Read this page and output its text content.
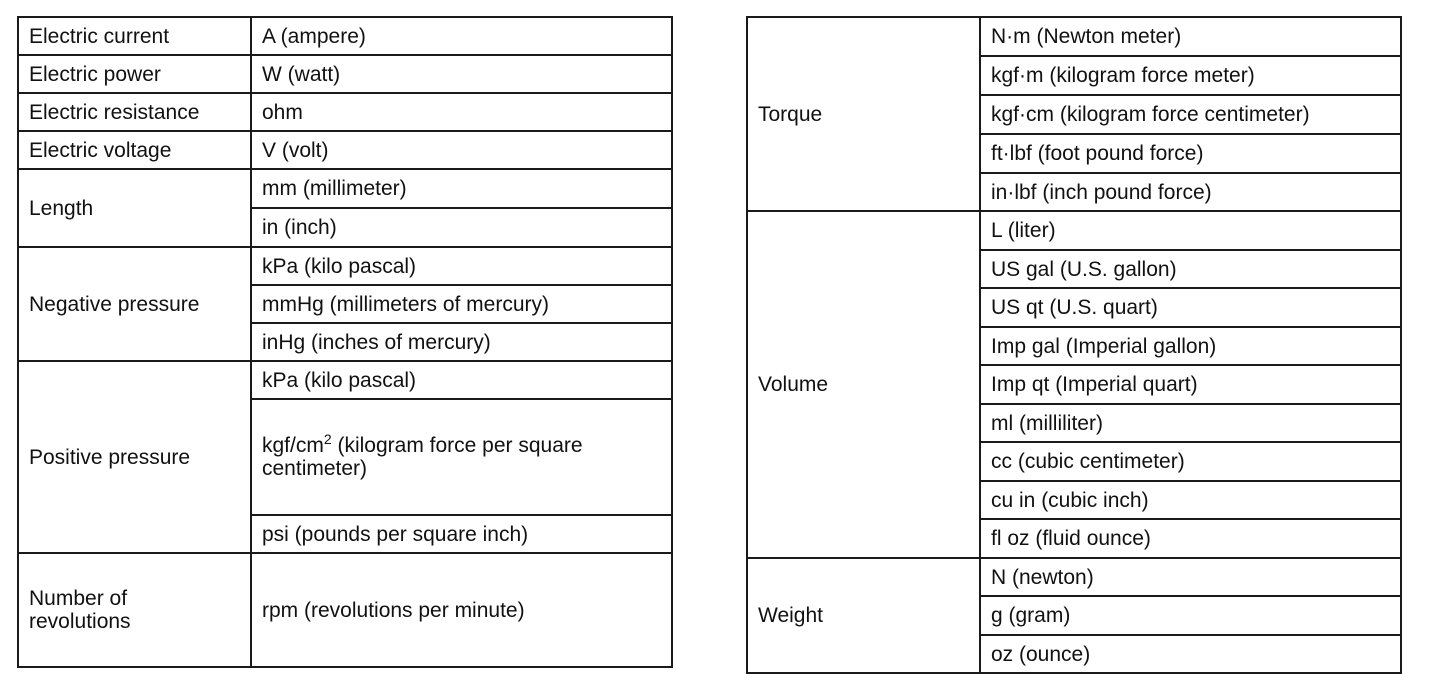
Electric current	A (ampere)
Electric power	W (watt)
Electric resistance	ohm
Electric voltage	V (volt)
Length	mm (millimeter)
	in (inch)
Negative pressure	kPa (kilo pascal)
	mmHg (millimeters of mercury)
	inHg (inches of mercury)
Positive pressure	kPa (kilo pascal)
	kgf/$cm^2$ (kilogram force per square centimeter)
	psi (pounds per square inch)
Number of revolutions	rpm (revolutions per minute)
Torque	N·m (Newton meter)
	kgf·m (kilogram force meter)
	kgf·cm (kilogram force centimeter)
	ft·lbf (foot pound force)
	in·lbf (inch pound force)
Volume	L (liter)
	US gal (U.S. gallon)
	US qt (U.S. quart)
	Imp gal (Imperial gallon)
	Imp qt (Imperial quart)
	ml (milliliter)
	cc (cubic centimeter)
	cu in (cubic inch)
	fl oz (fluid ounce)
Weight	N (newton)
	g (gram)
	oz (ounce)
